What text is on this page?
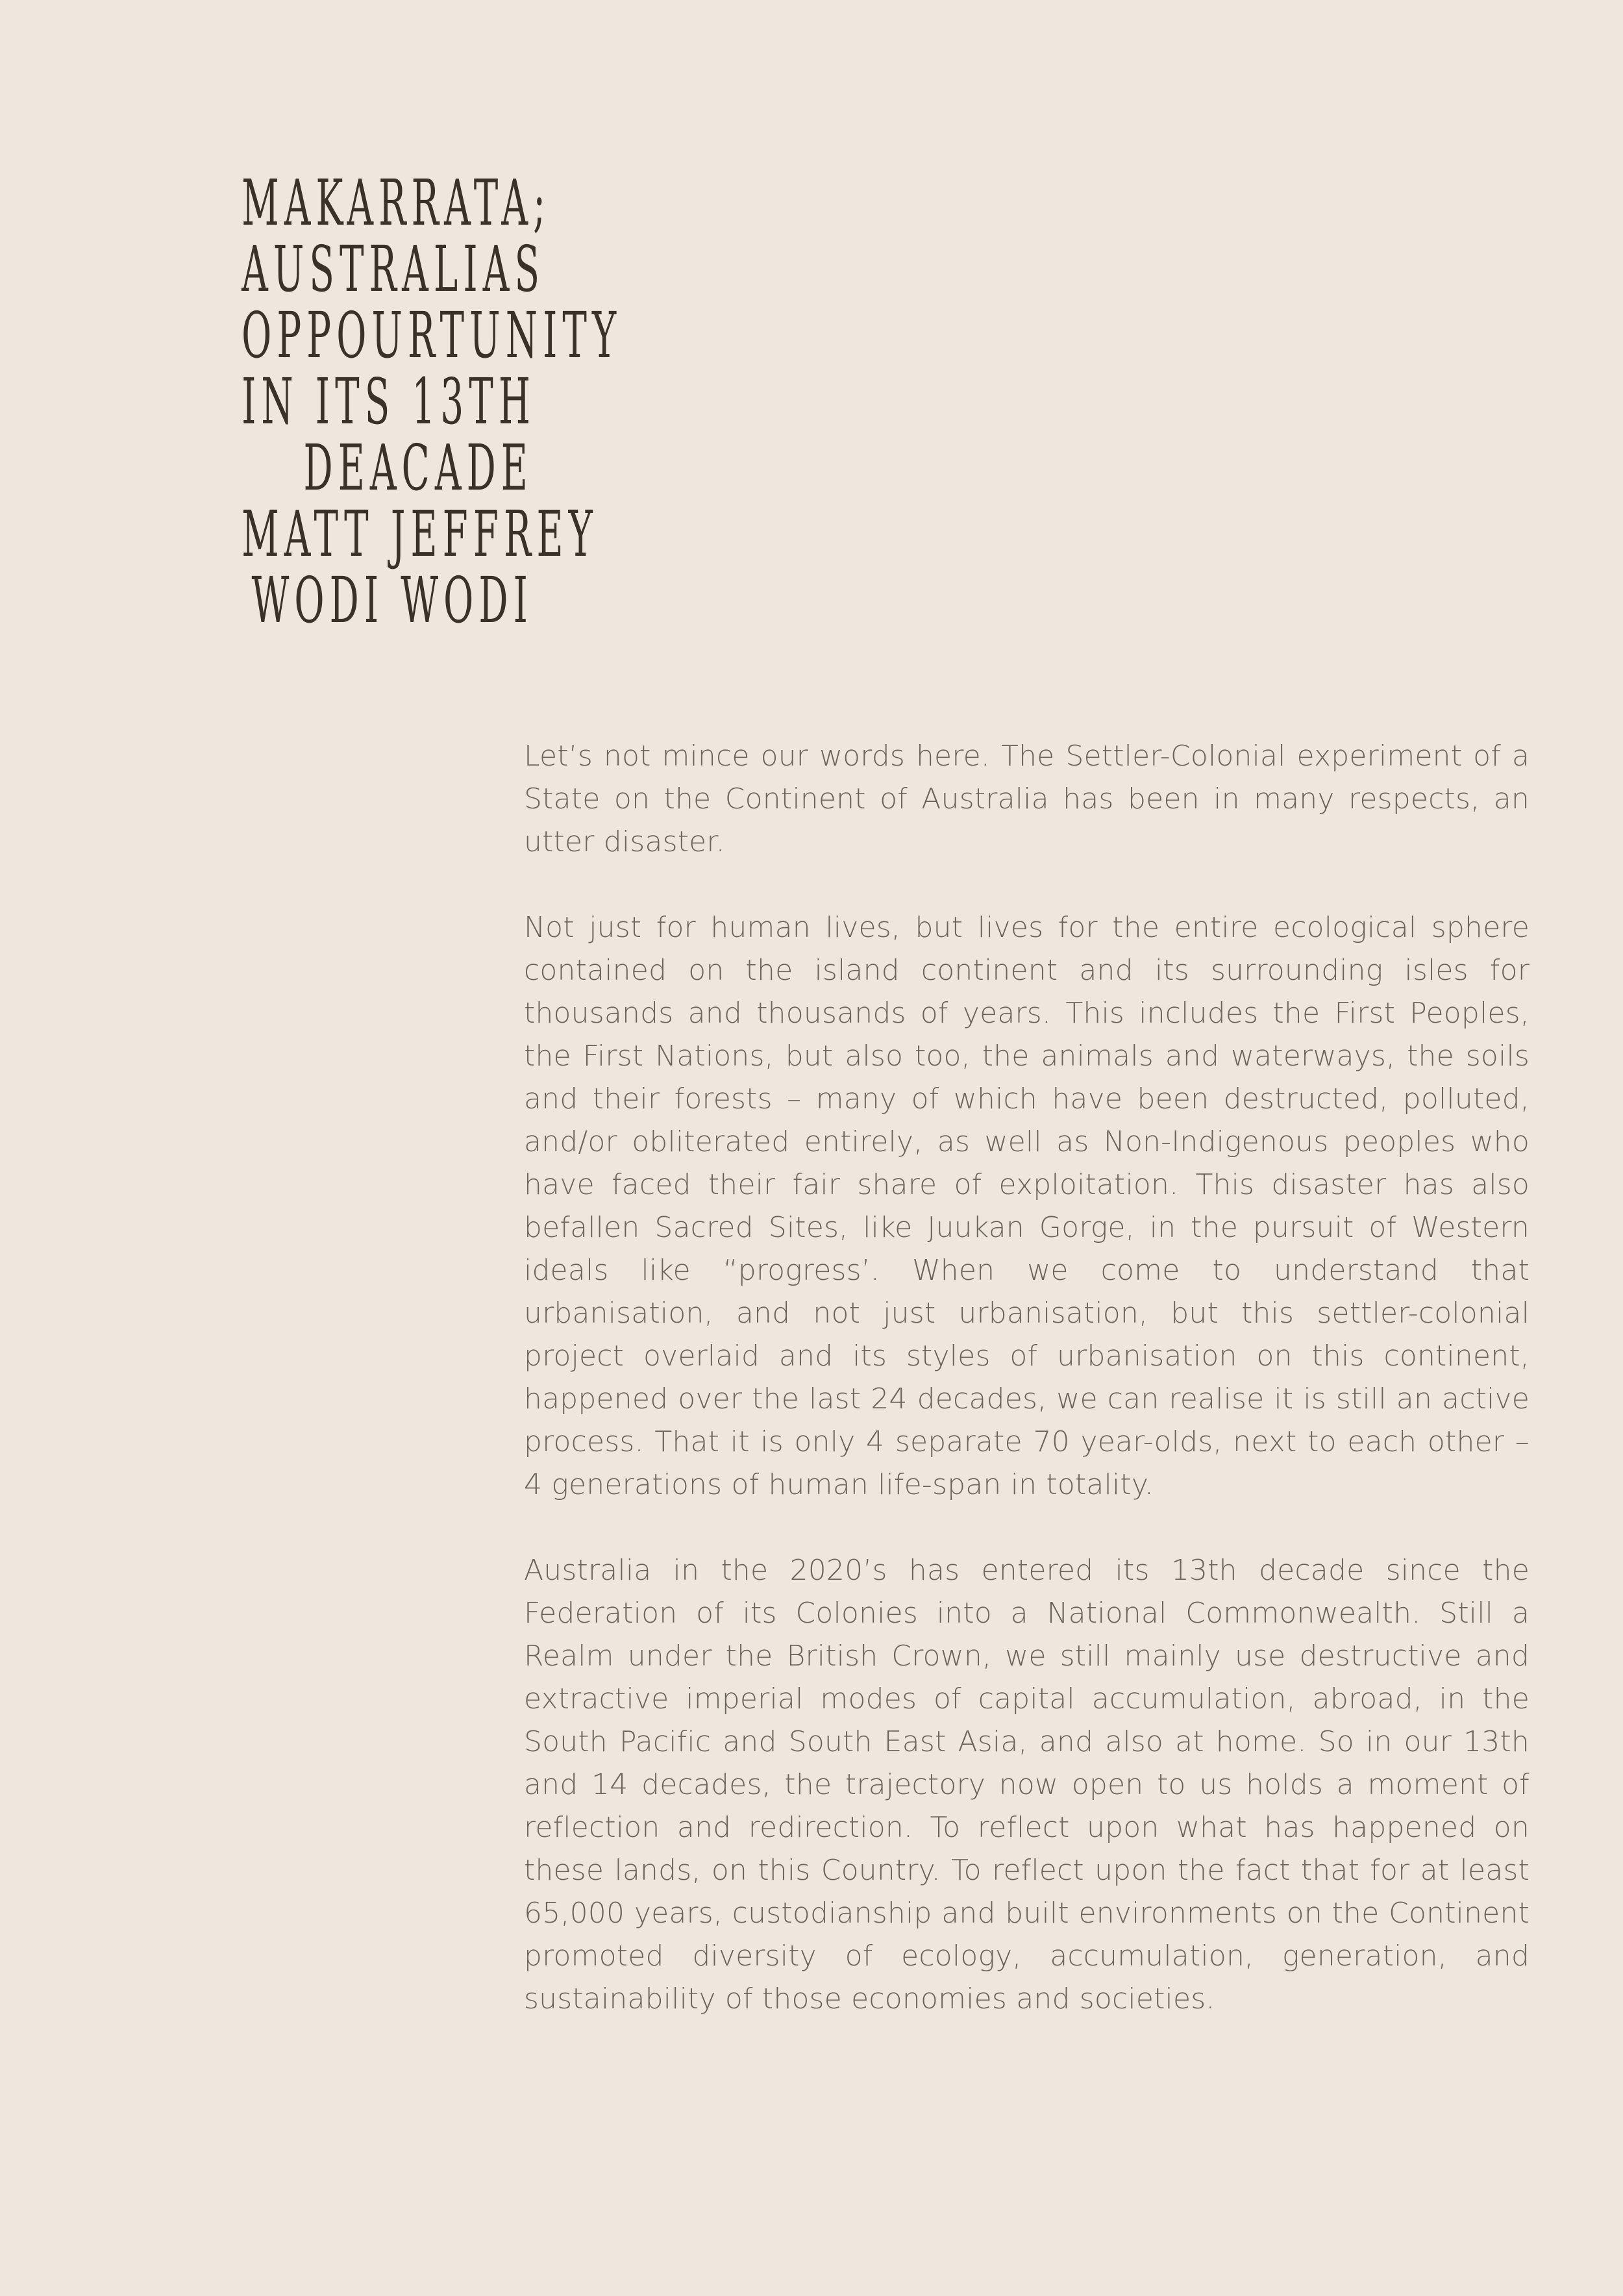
MAKARRATA;
AUSTRALIAS
OPPOURTUNITY
IN ITS 13TH
DEACADE
MATT JEFFREY
WODI WODI

Let’s not mince our words here. The Settler-Colonial experiment of a State on the Continent of Australia has been in many respects, an utter disaster.

Not just for human lives, but lives for the entire ecological sphere contained on the island continent and its surrounding isles for thousands and thousands of years. This includes the First Peoples, the First Nations, but also too, the animals and waterways, the soils and their forests – many of which have been destructed, polluted, and/or obliterated entirely, as well as Non-Indigenous peoples who have faced their fair share of exploitation. This disaster has also befallen Sacred Sites, like Juukan Gorge, in the pursuit of Western ideals like “progress’. When we come to understand that urbanisation, and not just urbanisation, but this settler-colonial project overlaid and its styles of urbanisation on this continent, happened over the last 24 decades, we can realise it is still an active process. That it is only 4 separate 70 year-olds, next to each other – 4 generations of human life-span in totality.

Australia in the 2020’s has entered its 13th decade since the Federation of its Colonies into a National Commonwealth. Still a Realm under the British Crown, we still mainly use destructive and extractive imperial modes of capital accumulation, abroad, in the South Pacific and South East Asia, and also at home. So in our 13th and 14 decades, the trajectory now open to us holds a moment of reflection and redirection. To reflect upon what has happened on these lands, on this Country. To reflect upon the fact that for at least 65,000 years, custodianship and built environments on the Continent promoted diversity of ecology, accumulation, generation, and sustainability of those economies and societies.
